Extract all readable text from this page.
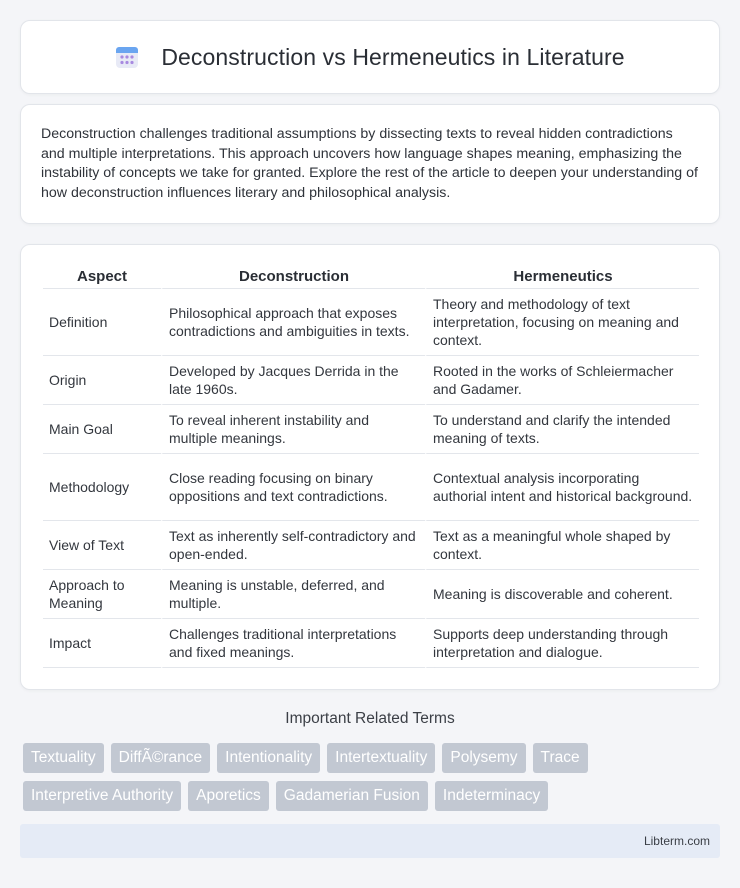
Deconstruction vs Hermeneutics in Literature

Deconstruction challenges traditional assumptions by dissecting texts to reveal hidden contradictions and multiple interpretations. This approach uncovers how language shapes meaning, emphasizing the instability of concepts we take for granted. Explore the rest of the article to deepen your understanding of how deconstruction influences literary and philosophical analysis.

Aspect	Deconstruction	Hermeneutics
Definition	Philosophical approach that exposes contradictions and ambiguities in texts.	Theory and methodology of text interpretation, focusing on meaning and context.
Origin	Developed by Jacques Derrida in the late 1960s.	Rooted in the works of Schleiermacher and Gadamer.
Main Goal	To reveal inherent instability and multiple meanings.	To understand and clarify the intended meaning of texts.
Methodology	Close reading focusing on binary oppositions and text contradictions.	Contextual analysis incorporating authorial intent and historical background.
View of Text	Text as inherently self-contradictory and open-ended.	Text as a meaningful whole shaped by context.
Approach to Meaning	Meaning is unstable, deferred, and multiple.	Meaning is discoverable and coherent.
Impact	Challenges traditional interpretations and fixed meanings.	Supports deep understanding through interpretation and dialogue.
Important Related Terms
Textuality	DiffÃ©rance	Intentionality	Intertextuality	Polysemy	Trace
Interpretive Authority	Aporetics	Gadamerian Fusion	Indeterminacy
Libterm.com
